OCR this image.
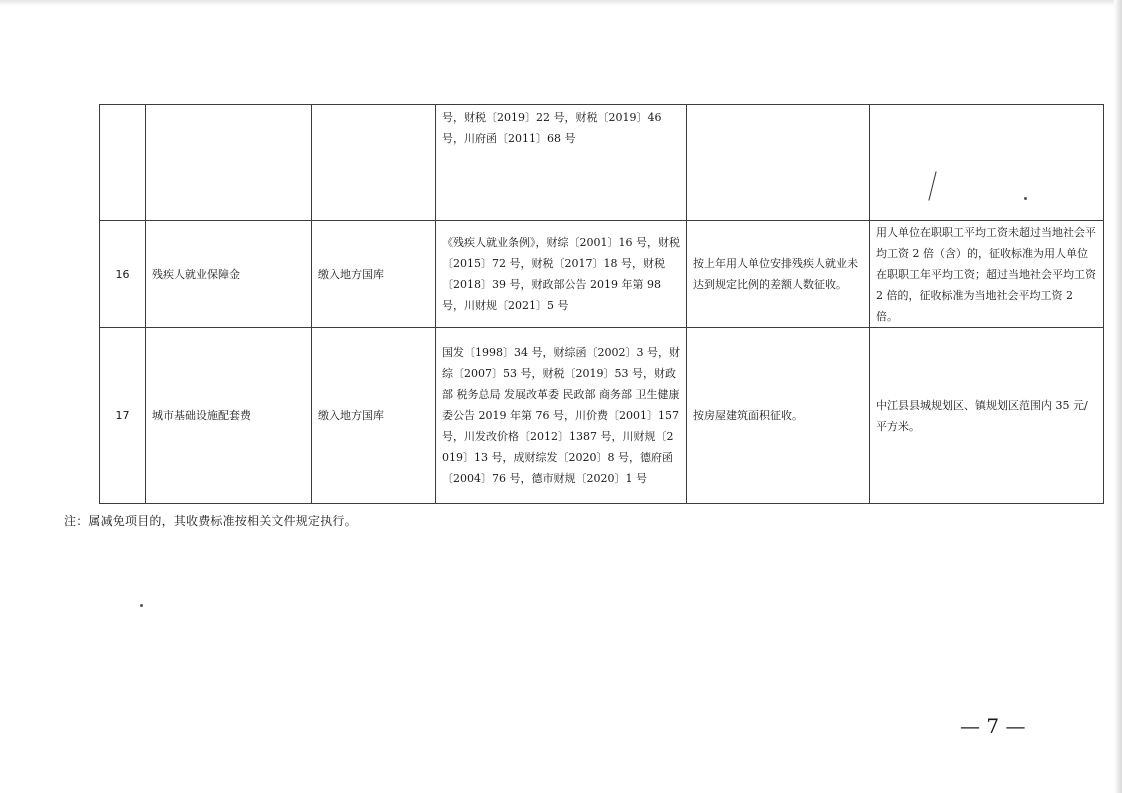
			号，财税〔2019〕22 号，财税〔2019〕46 号，川府函〔2011〕68 号		
16	残疾人就业保障金	缴入地方国库	《残疾人就业条例》，财综〔2001〕16 号，财税〔2015〕72 号，财税〔2017〕18 号，财税〔2018〕39 号，财政部公告 2019 年第 98 号，川财规〔2021〕5 号	按上年用人单位安排残疾人就业未达到规定比例的差额人数征收。	用人单位在职职工平均工资未超过当地社会平均工资 2 倍（含）的，征收标准为用人单位在职职工年平均工资；超过当地社会平均工资 2 倍的，征收标准为当地社会平均工资 2 倍。
17	城市基础设施配套费	缴入地方国库	国发〔1998〕34 号，财综函〔2002〕3 号，财综〔2007〕53 号，财税〔2019〕53 号，财政部 税务总局 发展改革委 民政部 商务部 卫生健康委公告 2019 年第 76 号，川价费〔2001〕157 号，川发改价格〔2012〕1387 号，川财规〔2019〕13 号，成财综发〔2020〕8 号，德府函〔2004〕76 号，德市财规〔2020〕1 号	按房屋建筑面积征收。	中江县县城规划区、镇规划区范围内 35 元/平方米。
注：属减免项目的，其收费标准按相关文件规定执行。
— 7 —
